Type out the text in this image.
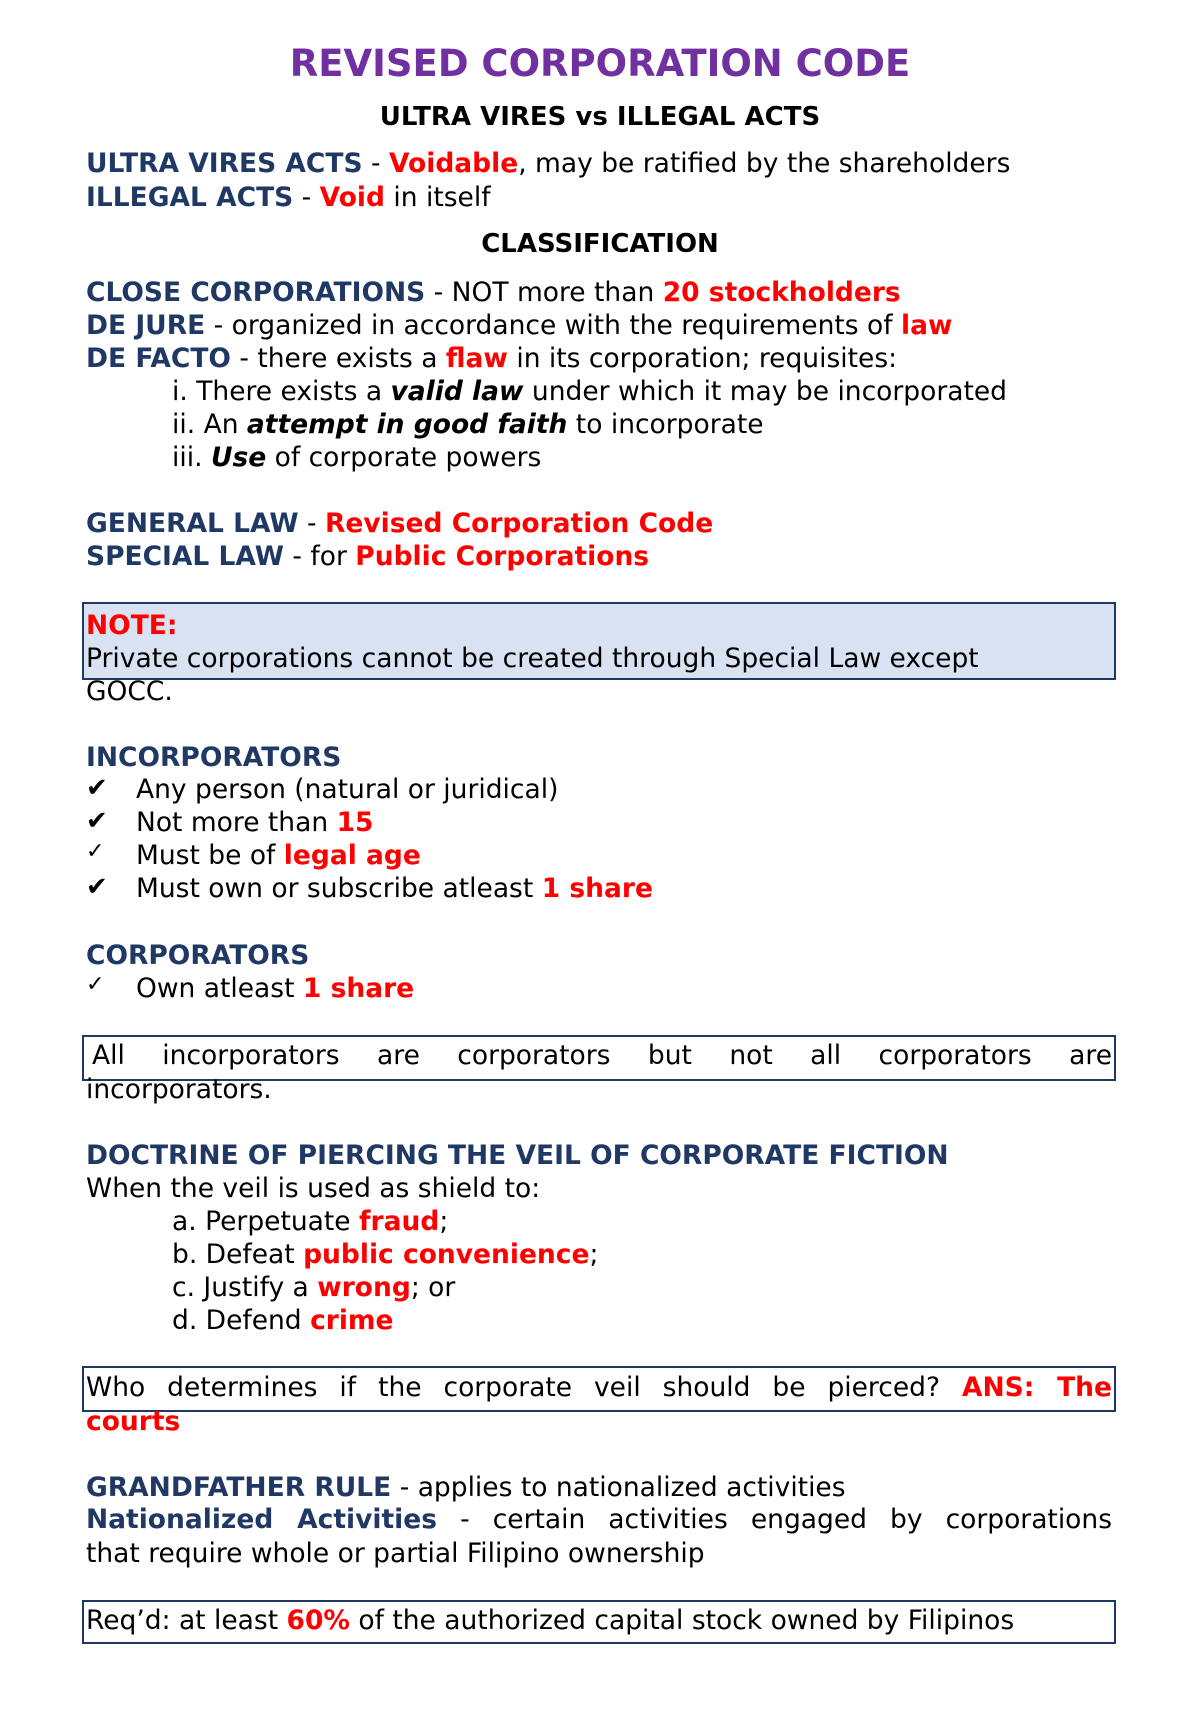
REVISED CORPORATION CODE
ULTRA VIRES vs ILLEGAL ACTS
ULTRA VIRES ACTS - Voidable, may be ratified by the shareholders
ILLEGAL ACTS - Void in itself
CLASSIFICATION
CLOSE CORPORATIONS - NOT more than 20 stockholders
DE JURE - organized in accordance with the requirements of law
DE FACTO - there exists a flaw in its corporation; requisites:
i. There exists a valid law under which it may be incorporated
ii. An attempt in good faith to incorporate
iii. Use of corporate powers
GENERAL LAW - Revised Corporation Code
SPECIAL LAW - for Public Corporations
NOTE:
Private corporations cannot be created through Special Law except
GOCC.
INCORPORATORS
✔ Any person (natural or juridical)
✔ Not more than 15
✓ Must be of legal age
✔ Must own or subscribe atleast 1 share
CORPORATORS
✓ Own atleast 1 share
All incorporators are corporators but not all corporators are
incorporators.
DOCTRINE OF PIERCING THE VEIL OF CORPORATE FICTION
When the veil is used as shield to:
a. Perpetuate fraud;
b. Defeat public convenience;
c. Justify a wrong; or
d. Defend crime
Who determines if the corporate veil should be pierced? ANS: The
courts
GRANDFATHER RULE - applies to nationalized activities
Nationalized Activities - certain activities engaged by corporations
that require whole or partial Filipino ownership
Req’d: at least 60% of the authorized capital stock owned by Filipinos
